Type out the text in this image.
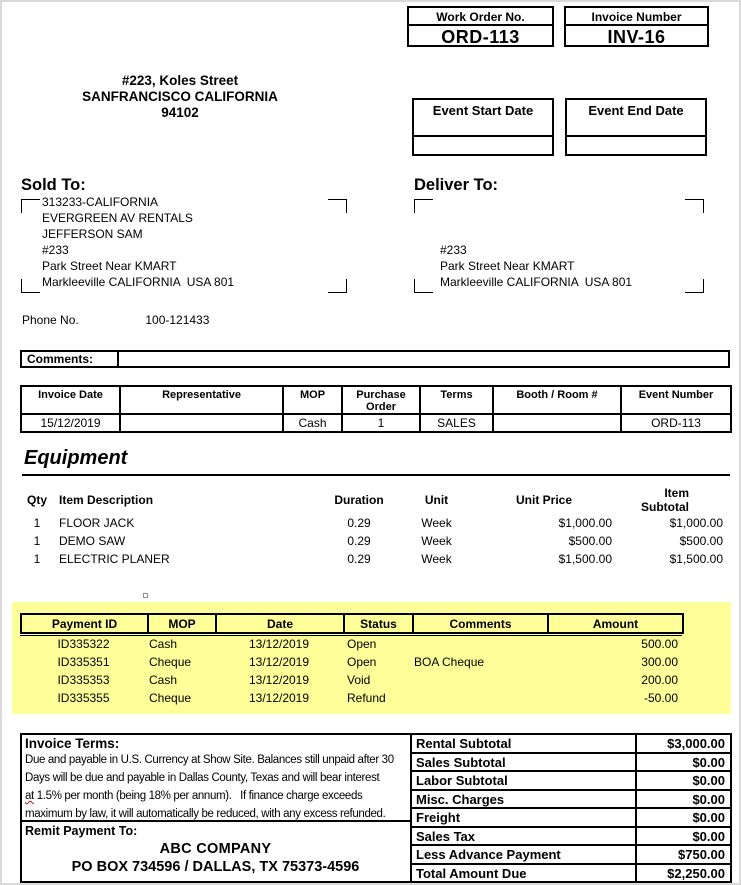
Work Order No.
ORD-113
Invoice Number
INV-16
#223, Koles Street
SANFRANCISCO CALIFORNIA
94102	Event Start Date	Event End Date
Sold To:
313233-CALIFORNIA
EVERGREEN AV RENTALS
JEFFERSON SAM
#233
Park Street Near KMART
Markleeville CALIFORNIA  USA 801
Deliver To:
#233
Park Street Near KMART
Markleeville CALIFORNIA  USA 801
Phone No.	100-121433
Comments:
Invoice Date	Representative	MOP	Purchase Order	Terms	Booth / Room #	Event Number
15/12/2019		Cash	1	SALES		ORD-113
Equipment
Qty	Item Description	Duration	Unit	Unit Price	Item Subtotal
1	FLOOR JACK	0.29	Week	$1,000.00	$1,000.00
1	DEMO SAW	0.29	Week	$500.00	$500.00
1	ELECTRIC PLANER	0.29	Week	$1,500.00	$1,500.00
Payment ID	MOP	Date	Status	Comments	Amount
ID335322	Cash	13/12/2019	Open		500.00
ID335351	Cheque	13/12/2019	Open	BOA Cheque	300.00
ID335353	Cash	13/12/2019	Void		200.00
ID335355	Cheque	13/12/2019	Refund		-50.00
Invoice Terms:
Due and payable in U.S. Currency at Show Site. Balances still unpaid after 30
Days will be due and payable in Dallas County, Texas and will bear interest
at 1.5% per month (being 18% per annum).   If finance charge exceeds
maximum by law, it will automatically be reduced, with any excess refunded.
Remit Payment To:
ABC COMPANY
PO BOX 734596 / DALLAS, TX 75373-4596
Rental Subtotal	$3,000.00
Sales Subtotal	$0.00
Labor Subtotal	$0.00
Misc. Charges	$0.00
Freight	$0.00
Sales Tax	$0.00
Less Advance Payment	$750.00
Total Amount Due	$2,250.00
